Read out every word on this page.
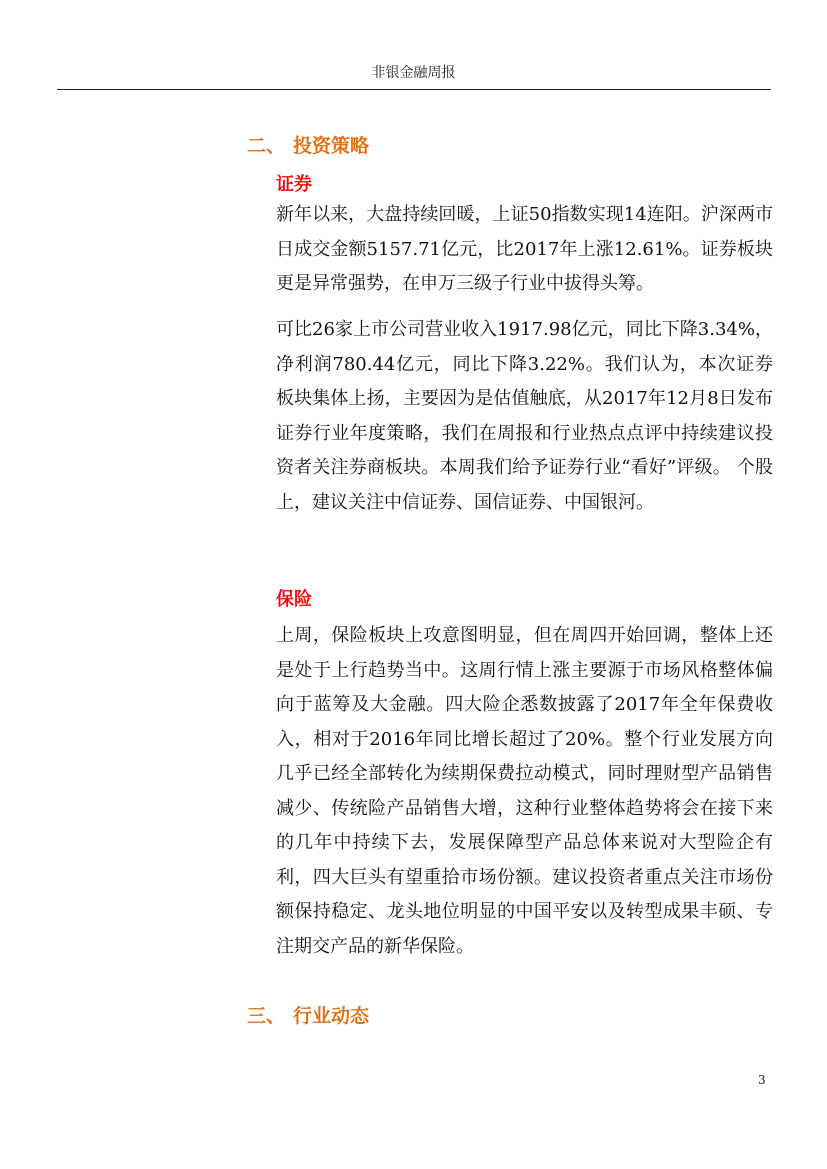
非银金融周报
二、 投资策略
证券

新年以来，大盘持续回暖，上证50指数实现14连阳。沪深两市日成交金额5157.71亿元，比2017年上涨12.61%。证券板块更是异常强势，在申万三级子行业中拔得头筹。

可比26家上市公司营业收入1917.98亿元，同比下降3.34%，净利润780.44亿元，同比下降3.22%。我们认为，本次证券板块集体上扬，主要因为是估值触底，从2017年12月8日发布证券行业年度策略，我们在周报和行业热点点评中持续建议投资者关注券商板块。本周我们给予证券行业“看好”评级。 个股上，建议关注中信证券、国信证券、中国银河。

保险

上周，保险板块上攻意图明显，但在周四开始回调，整体上还是处于上行趋势当中。这周行情上涨主要源于市场风格整体偏向于蓝筹及大金融。四大险企悉数披露了2017年全年保费收入，相对于2016年同比增长超过了20%。整个行业发展方向几乎已经全部转化为续期保费拉动模式，同时理财型产品销售减少、传统险产品销售大增，这种行业整体趋势将会在接下来的几年中持续下去，发展保障型产品总体来说对大型险企有利，四大巨头有望重拾市场份额。建议投资者重点关注市场份额保持稳定、龙头地位明显的中国平安以及转型成果丰硕、专注期交产品的新华保险。

三、 行业动态
3
